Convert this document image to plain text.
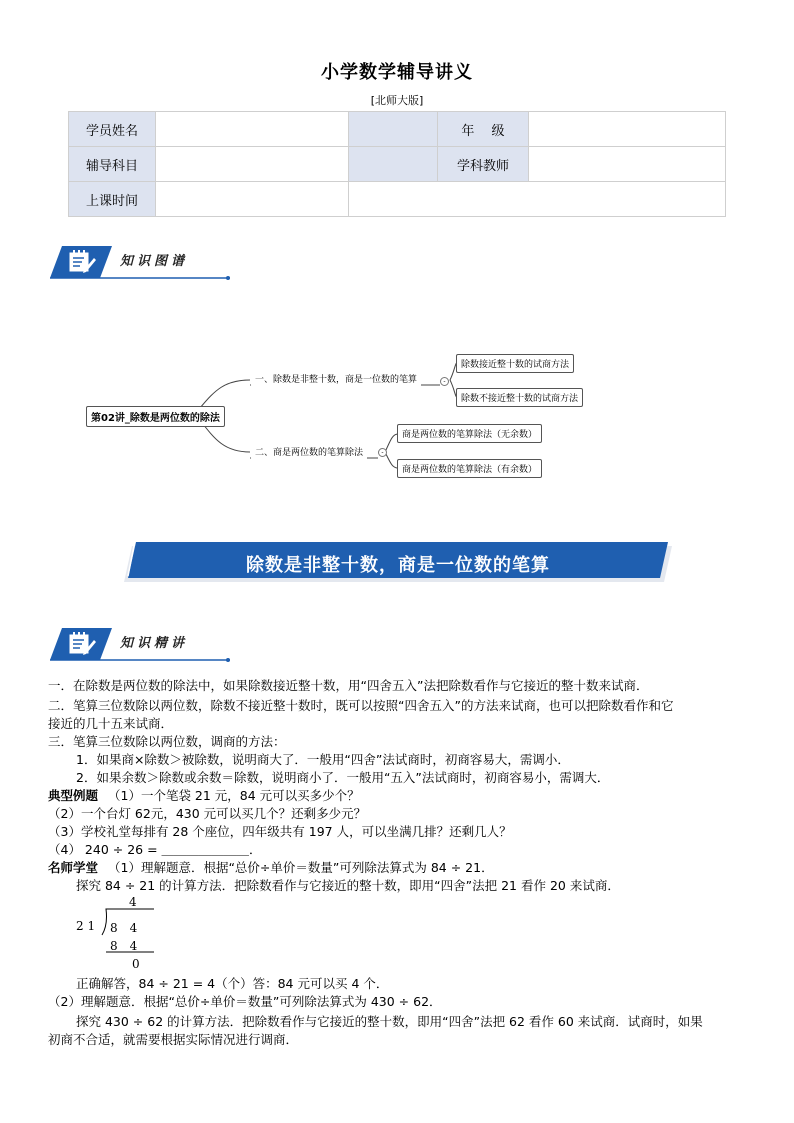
小学数学辅导讲义
[北师大版]
学员姓名			年　 级	
辅导科目			学科教师	
上课时间				
知识图谱
第02讲_除数是两位数的除法
一、除数是非整十数，商是一位数的笔算	-
除数接近整十数的试商方法
除数不接近整十数的试商方法
二、商是两位数的笔算除法	-
商是两位数的笔算除法（无余数）
商是两位数的笔算除法（有余数）
除数是非整十数，商是一位数的笔算
知识精讲
一．在除数是两位数的除法中，如果除数接近整十数，用“四舍五入”法把除数看作与它接近的整十数来试商．
二．笔算三位数除以两位数，除数不接近整十数时，既可以按照“四舍五入”的方法来试商，也可以把除数看作和它
接近的几十五来试商．
三．笔算三位数除以两位数，调商的方法：
1．如果商×除数＞被除数，说明商大了．一般用“四舍”法试商时，初商容易大，需调小．
2．如果余数＞除数或余数＝除数，说明商小了．一般用“五入”法试商时，初商容易小，需调大．
典型例题 （1）一个笔袋 21 元，84 元可以买多少个？
（2）一个台灯 62元，430 元可以买几个？还剩多少元？
（3）学校礼堂每排有 28 个座位，四年级共有 197 人，可以坐满几排？还剩几人？
（4） 240 ÷ 26 = ＿＿＿＿＿＿＿．
名师学堂 （1）理解题意．根据“总价÷单价＝数量”可列除法算式为 84 ÷ 21．
探究 84 ÷ 21 的计算方法．把除数看作与它接近的整十数，即用“四舍”法把 21 看作 20 来试商．
4
2 1 8　4
8　4
0
正确解答，84 ÷ 21 = 4（个）答：84 元可以买 4 个．
（2）理解题意．根据“总价÷单价＝数量”可列除法算式为 430 ÷ 62．
探究 430 ÷ 62 的计算方法．把除数看作与它接近的整十数，即用“四舍”法把 62 看作 60 来试商．试商时，如果
初商不合适，就需要根据实际情况进行调商．
